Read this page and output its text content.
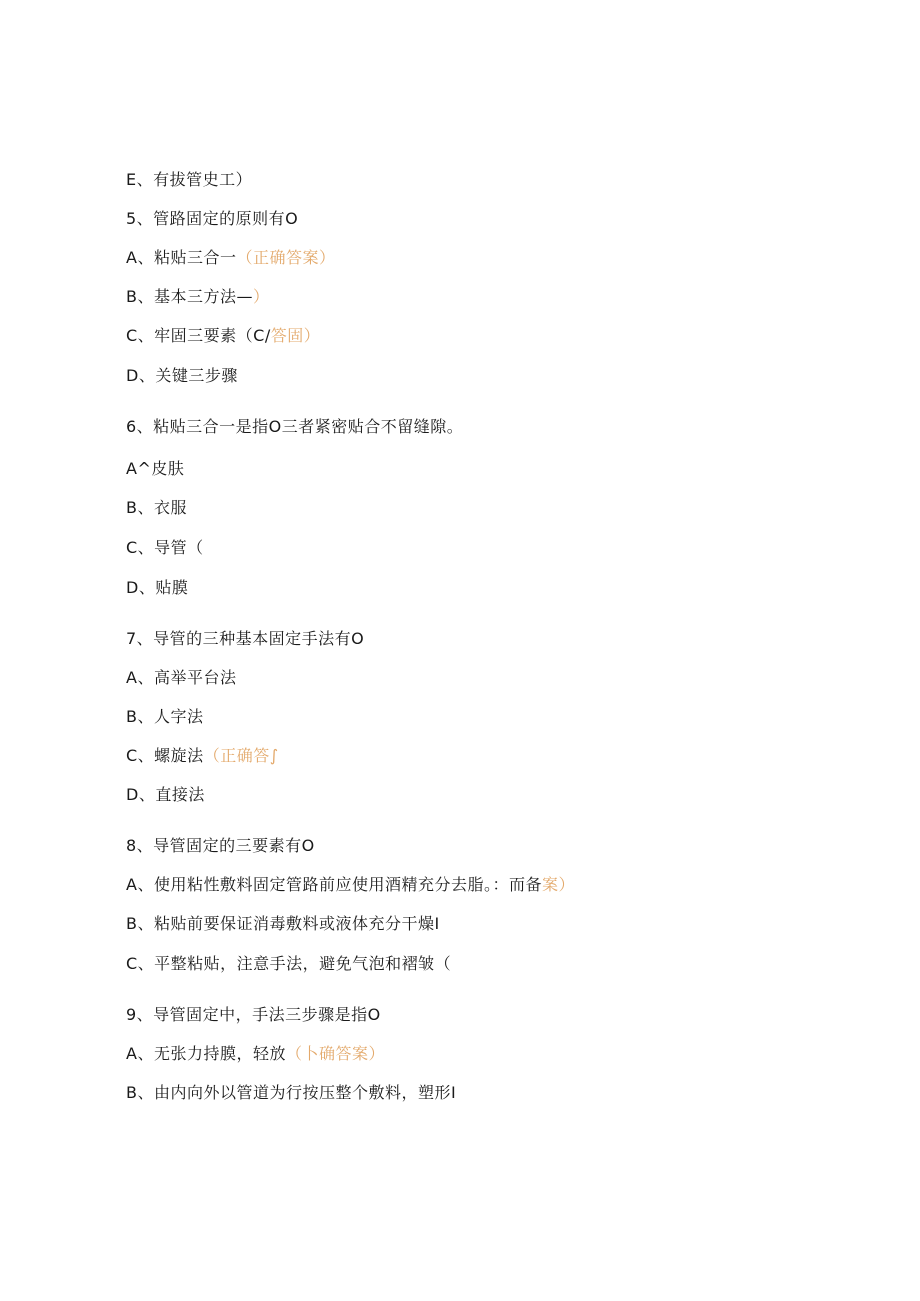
E、有拔管史工）
5、管路固定的原则有O
A、粘贴三合一（正确答案）
B、基本三方法—）
C、牢固三要素（C/答固）
D、关键三步骤
6、粘贴三合一是指O三者紧密贴合不留缝隙。
A^皮肤
B、衣服
C、导管（
D、贴膜
7、导管的三种基本固定手法有O
A、高举平台法
B、人字法
C、螺旋法（正确答∫
D、直接法
8、导管固定的三要素有O
A、使用粘性敷料固定管路前应使用酒精充分去脂。：而备案）
B、粘贴前要保证消毒敷料或液体充分干燥I
C、平整粘贴，注意手法，避免气泡和褶皱（
9、导管固定中，手法三步骤是指O
A、无张力持膜，轻放（卜确答案）
B、由内向外以管道为行按压整个敷料，塑形I
